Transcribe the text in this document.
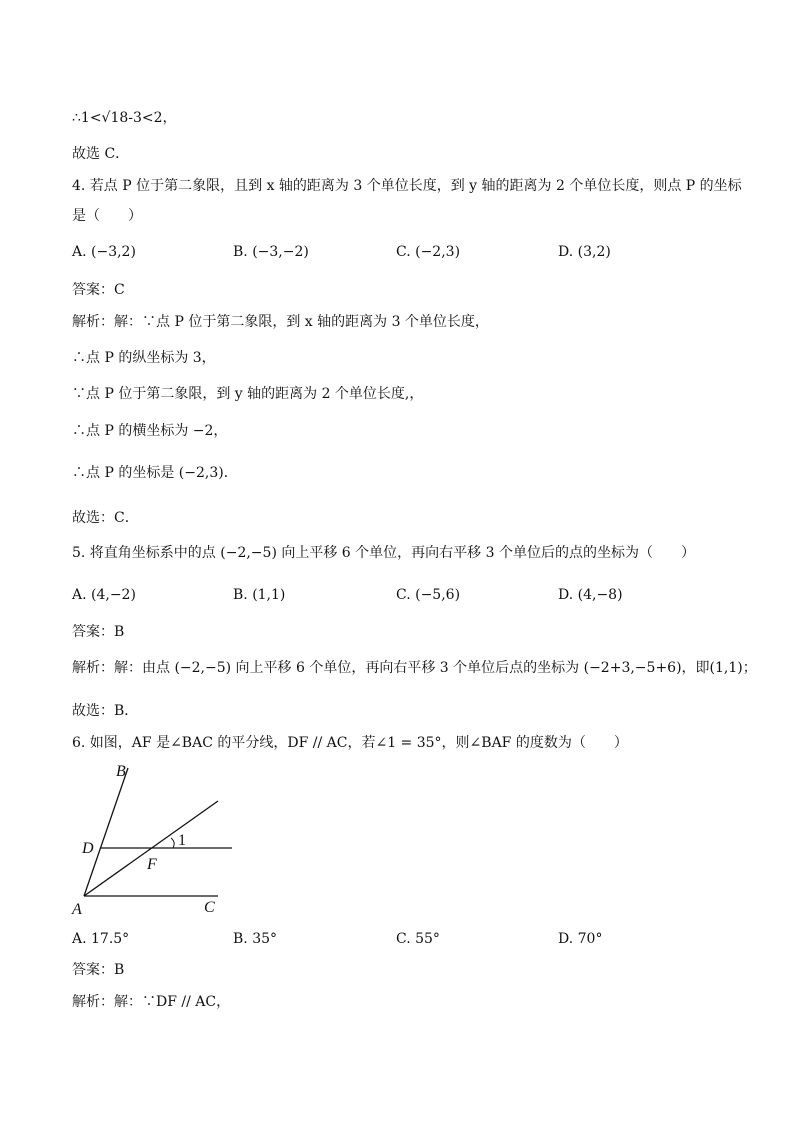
∴1<√18-3<2，
故选 C．
4. 若点 P 位于第二象限，且到 x 轴的距离为 3 个单位长度，到 y 轴的距离为 2 个单位长度，则点 P 的坐标
是（　　）
A. (−3,2)	B. (−3,−2)	C. (−2,3)	D. (3,2)
答案：C
解析：解：∵点 P 位于第二象限，到 x 轴的距离为 3 个单位长度，
∴点 P 的纵坐标为 3，
∵点 P 位于第二象限，到 y 轴的距离为 2 个单位长度,，
∴点 P 的横坐标为 −2，
∴点 P 的坐标是 (−2,3)．
故选：C．
5. 将直角坐标系中的点 (−2,−5) 向上平移 6 个单位，再向右平移 3 个单位后的点的坐标为（　　）
A. (4,−2)	B. (1,1)	C. (−5,6)	D. (4,−8)
答案：B
解析：解：由点 (−2,−5) 向上平移 6 个单位，再向右平移 3 个单位后点的坐标为 (−2+3,−5+6)，即(1,1)；
故选：B．
6. 如图，AF 是∠BAC 的平分线，DF // AC，若∠1 = 35°，则∠BAF 的度数为（　　）
B
D
F
A	C
1
A. 17.5°	B. 35°	C. 55°	D. 70°
答案：B
解析：解：∵DF // AC，
